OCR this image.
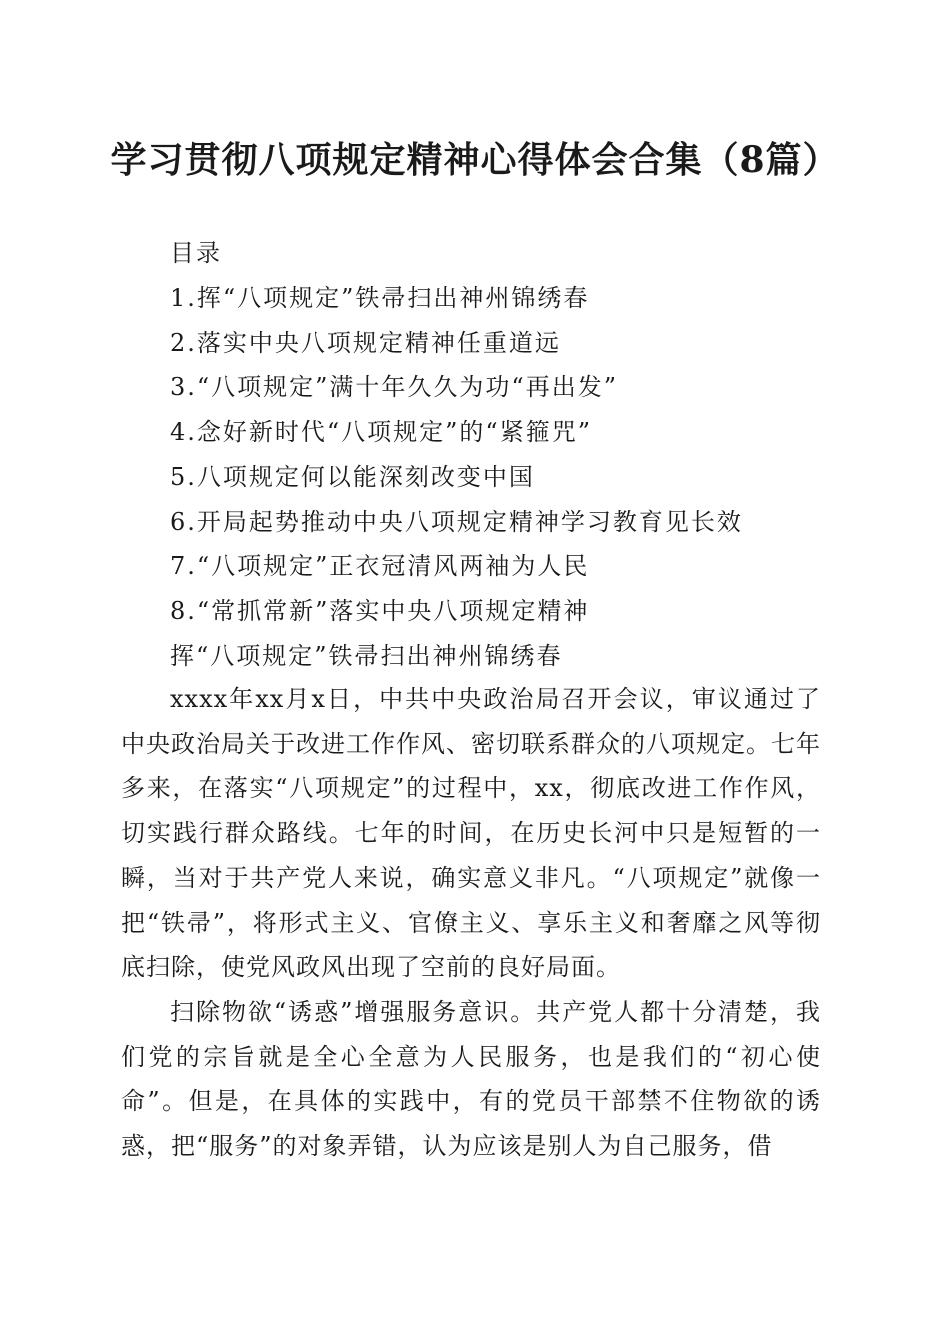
学习贯彻八项规定精神心得体会合集（8篇）
目录
1.挥“八项规定”铁帚扫出神州锦绣春
2.落实中央八项规定精神任重道远
3.“八项规定”满十年久久为功“再出发”
4.念好新时代“八项规定”的“紧箍咒”
5.八项规定何以能深刻改变中国
6.开局起势推动中央八项规定精神学习教育见长效
7.“八项规定”正衣冠清风两袖为人民
8.“常抓常新”落实中央八项规定精神
挥“八项规定”铁帚扫出神州锦绣春

xxxx年xx月x日，中共中央政治局召开会议，审议通过了中央政治局关于改进工作作风、密切联系群众的八项规定。七年多来，在落实“八项规定”的过程中，xx，彻底改进工作作风，切实践行群众路线。七年的时间，在历史长河中只是短暂的一瞬，当对于共产党人来说，确实意义非凡。“八项规定”就像一把“铁帚”，将形式主义、官僚主义、享乐主义和奢靡之风等彻底扫除，使党风政风出现了空前的良好局面。

扫除物欲“诱惑”增强服务意识。共产党人都十分清楚，我们党的宗旨就是全心全意为人民服务，也是我们的“初心使命”。但是，在具体的实践中，有的党员干部禁不住物欲的诱惑，把“服务”的对象弄错，认为应该是别人为自己服务，借
